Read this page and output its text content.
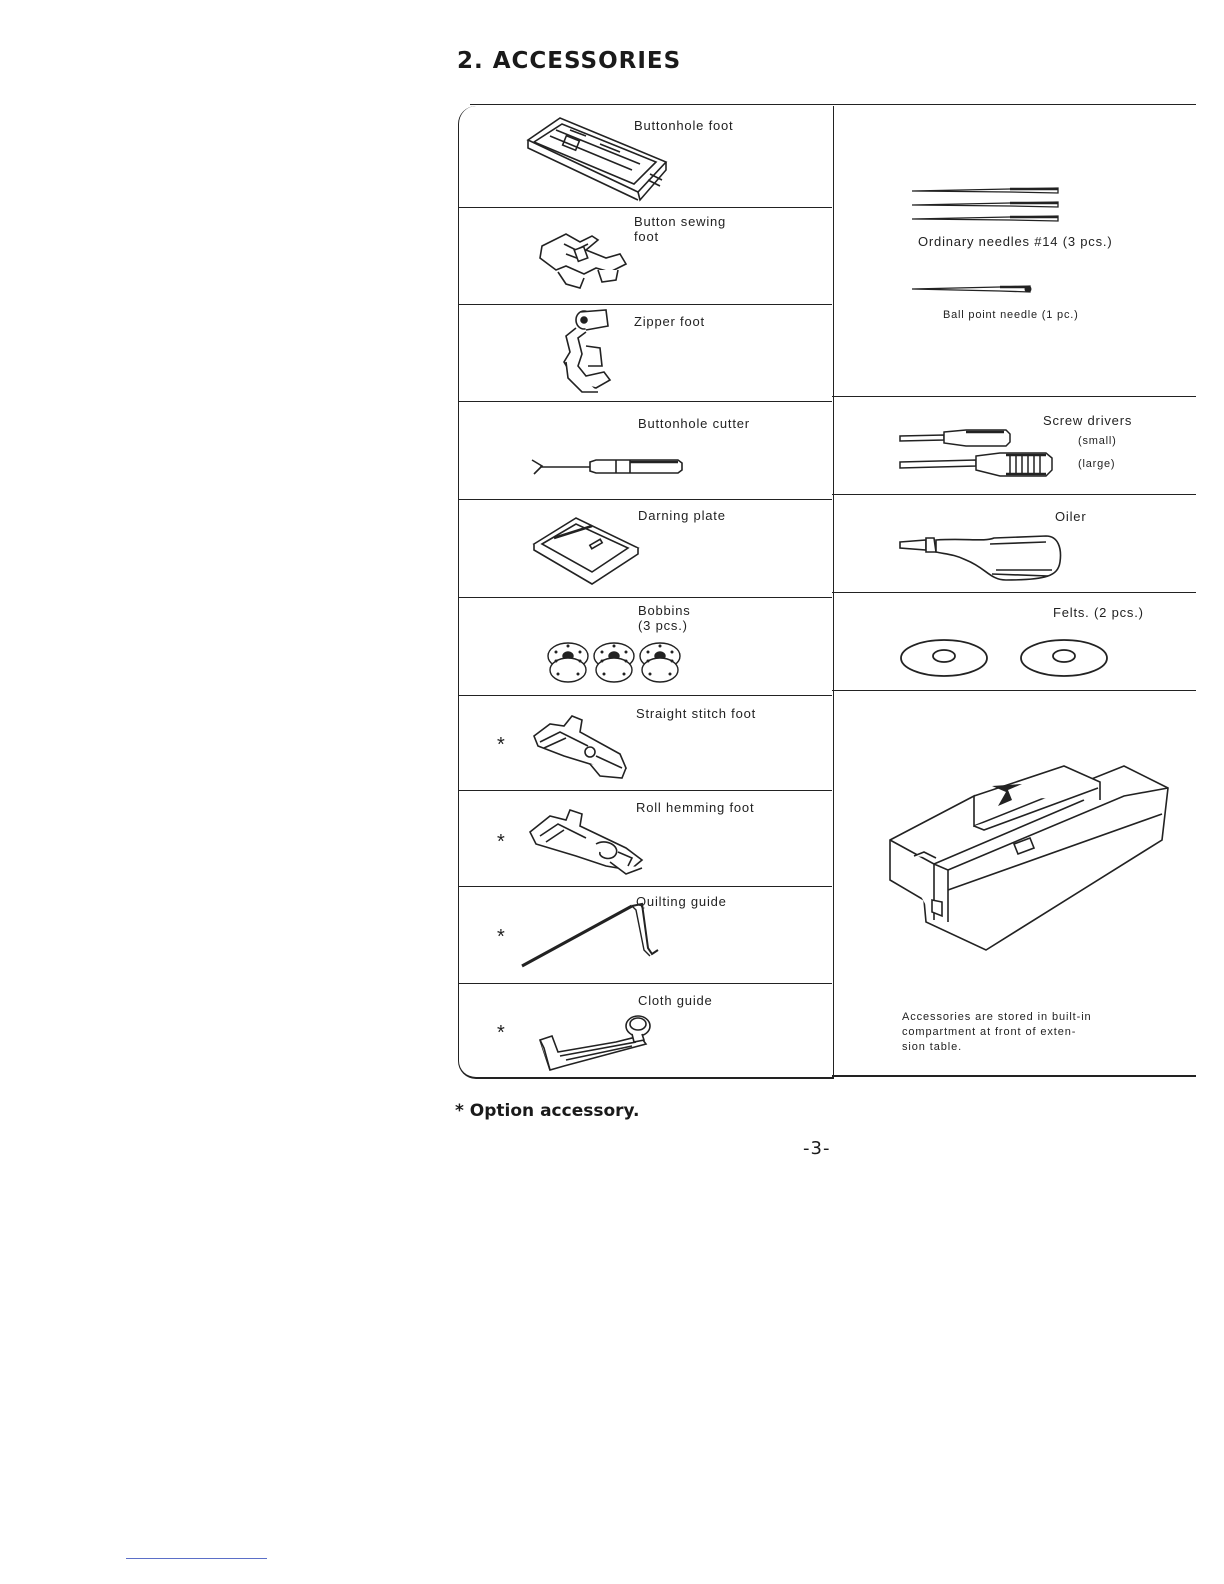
2. ACCESSORIES
Buttonhole foot
Button sewing
foot
Zipper foot
Buttonhole cutter
Darning plate
Bobbins
(3 pcs.)
*
Straight stitch foot
*
Roll hemming foot
*
Quilting guide
*
Cloth guide
Ordinary needles #14 (3 pcs.)
Ball point needle (1 pc.)
Screw drivers
(small)
(large)
Oiler
Felts. (2 pcs.)
Accessories are stored in built-in
compartment at front of exten-
sion table.
* Option accessory.
-3-
